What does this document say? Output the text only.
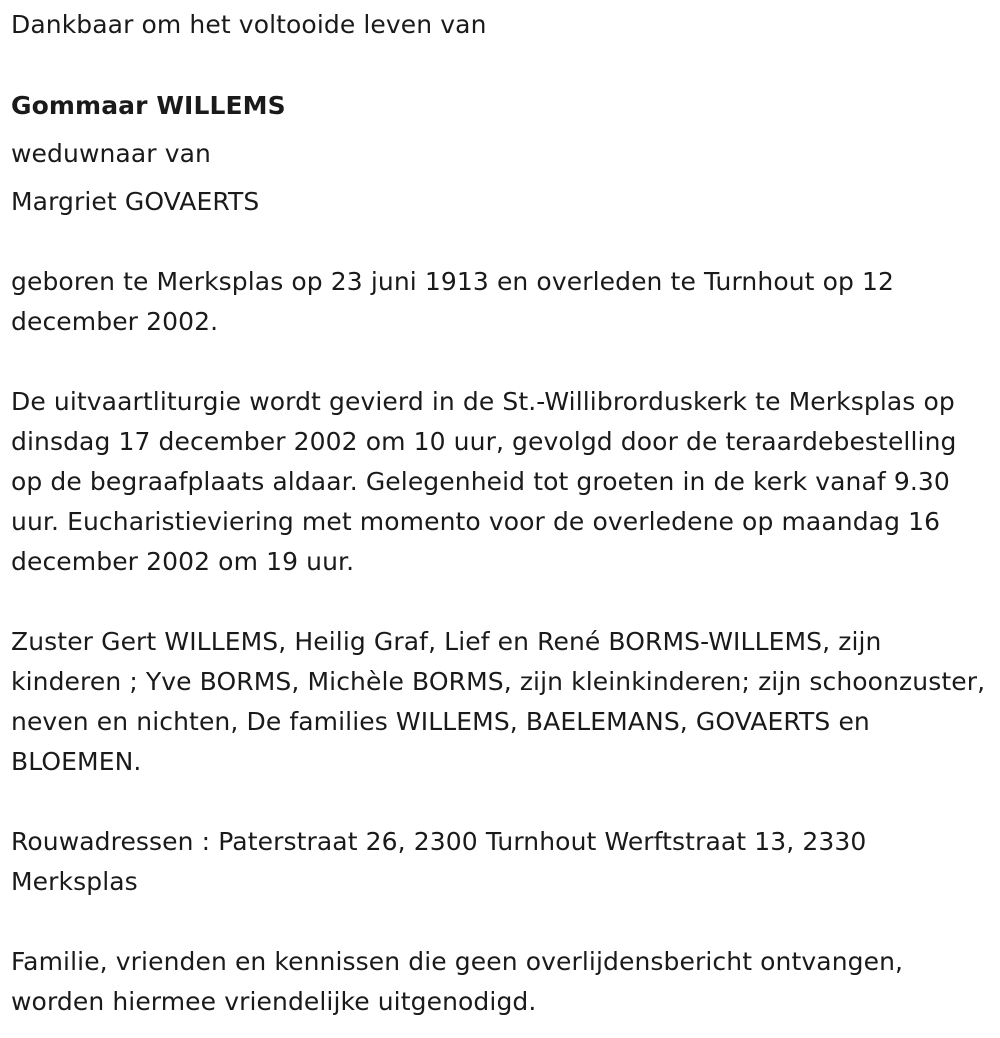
Dankbaar om het voltooide leven van
Gommaar WILLEMS
weduwnaar van
Margriet GOVAERTS
geboren te Merksplas op 23 juni 1913 en overleden te Turnhout op 12 december 2002.
De uitvaartliturgie wordt gevierd in de St.-Willibrorduskerk te Merksplas op dinsdag 17 december 2002 om 10 uur, gevolgd door de teraardebestelling op de begraafplaats aldaar. Gelegenheid tot groeten in de kerk vanaf 9.30 uur. Eucharistieviering met momento voor de overledene op maandag 16 december 2002 om 19 uur.
Zuster Gert WILLEMS, Heilig Graf, Lief en René BORMS-WILLEMS, zijn kinderen ; Yve BORMS, Michèle BORMS, zijn kleinkinderen; zijn schoonzuster, neven en nichten, De families WILLEMS, BAELEMANS, GOVAERTS en BLOEMEN.
Rouwadressen : Paterstraat 26, 2300 Turnhout Werftstraat 13, 2330 Merksplas
Familie, vrienden en kennissen die geen overlijdensbericht ontvangen, worden hiermee vriendelijke uitgenodigd.
